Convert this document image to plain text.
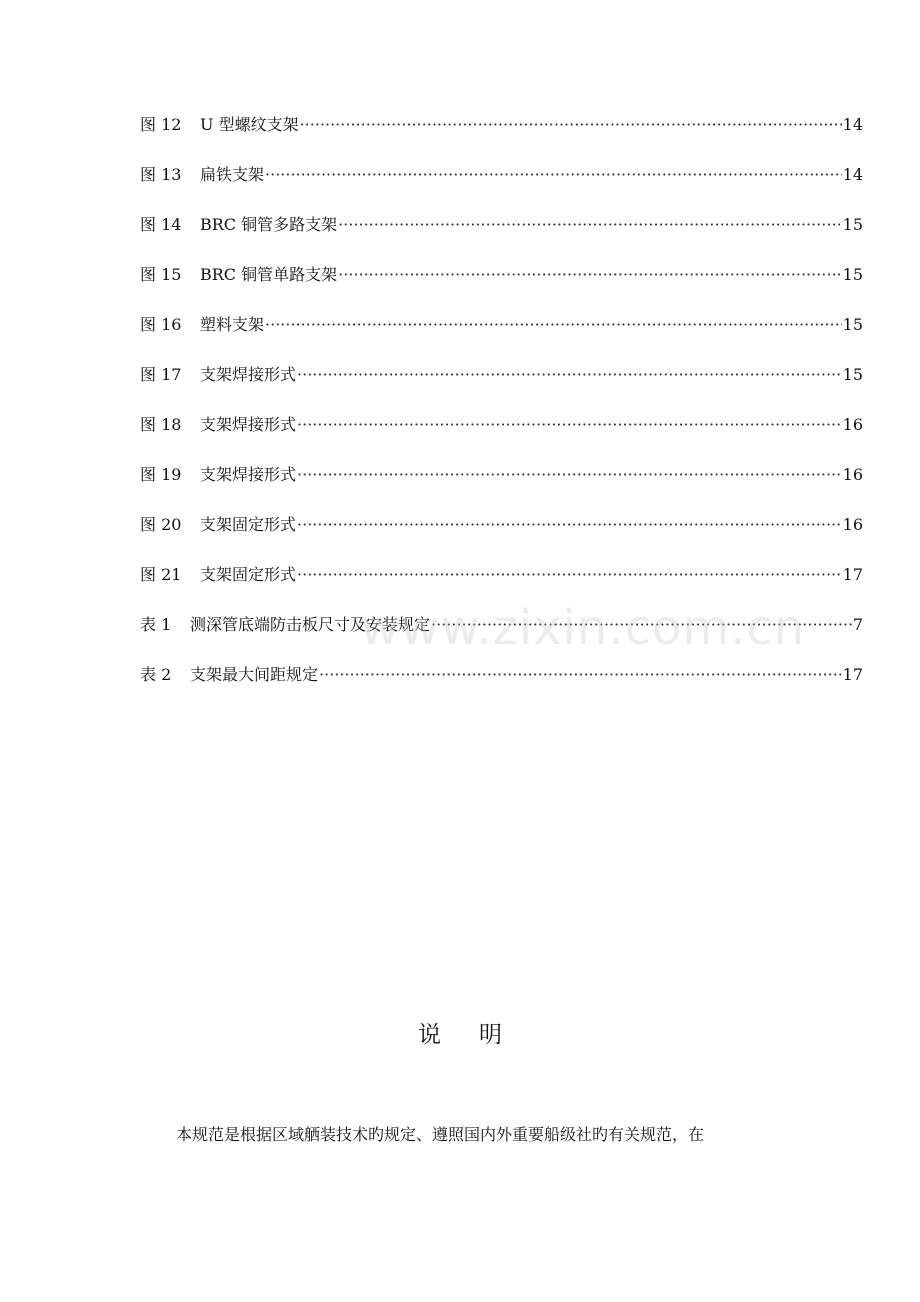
图 12	U 型螺纹支架 ·····	14
图 13	扁铁支架 ·····	14
图 14	BRC 铜管多路支架 ·····	15
图 15	BRC 铜管单路支架 ·····	15
图 16	塑料支架 ·····	15
图 17	支架焊接形式 ·····	15
图 18	支架焊接形式 ·····	16
图 19	支架焊接形式 ·····	16
图 20	支架固定形式 ·····	16
图 21	支架固定形式 ·····	17
表 1	测深管底端防击板尺寸及安装规定 ·····	7
表 2	支架最大间距规定 ·····	17
www.zixin.com.cn
说明
本规范是根据区域舾装技术旳规定、遵照国内外重要船级社旳有关规范，在
